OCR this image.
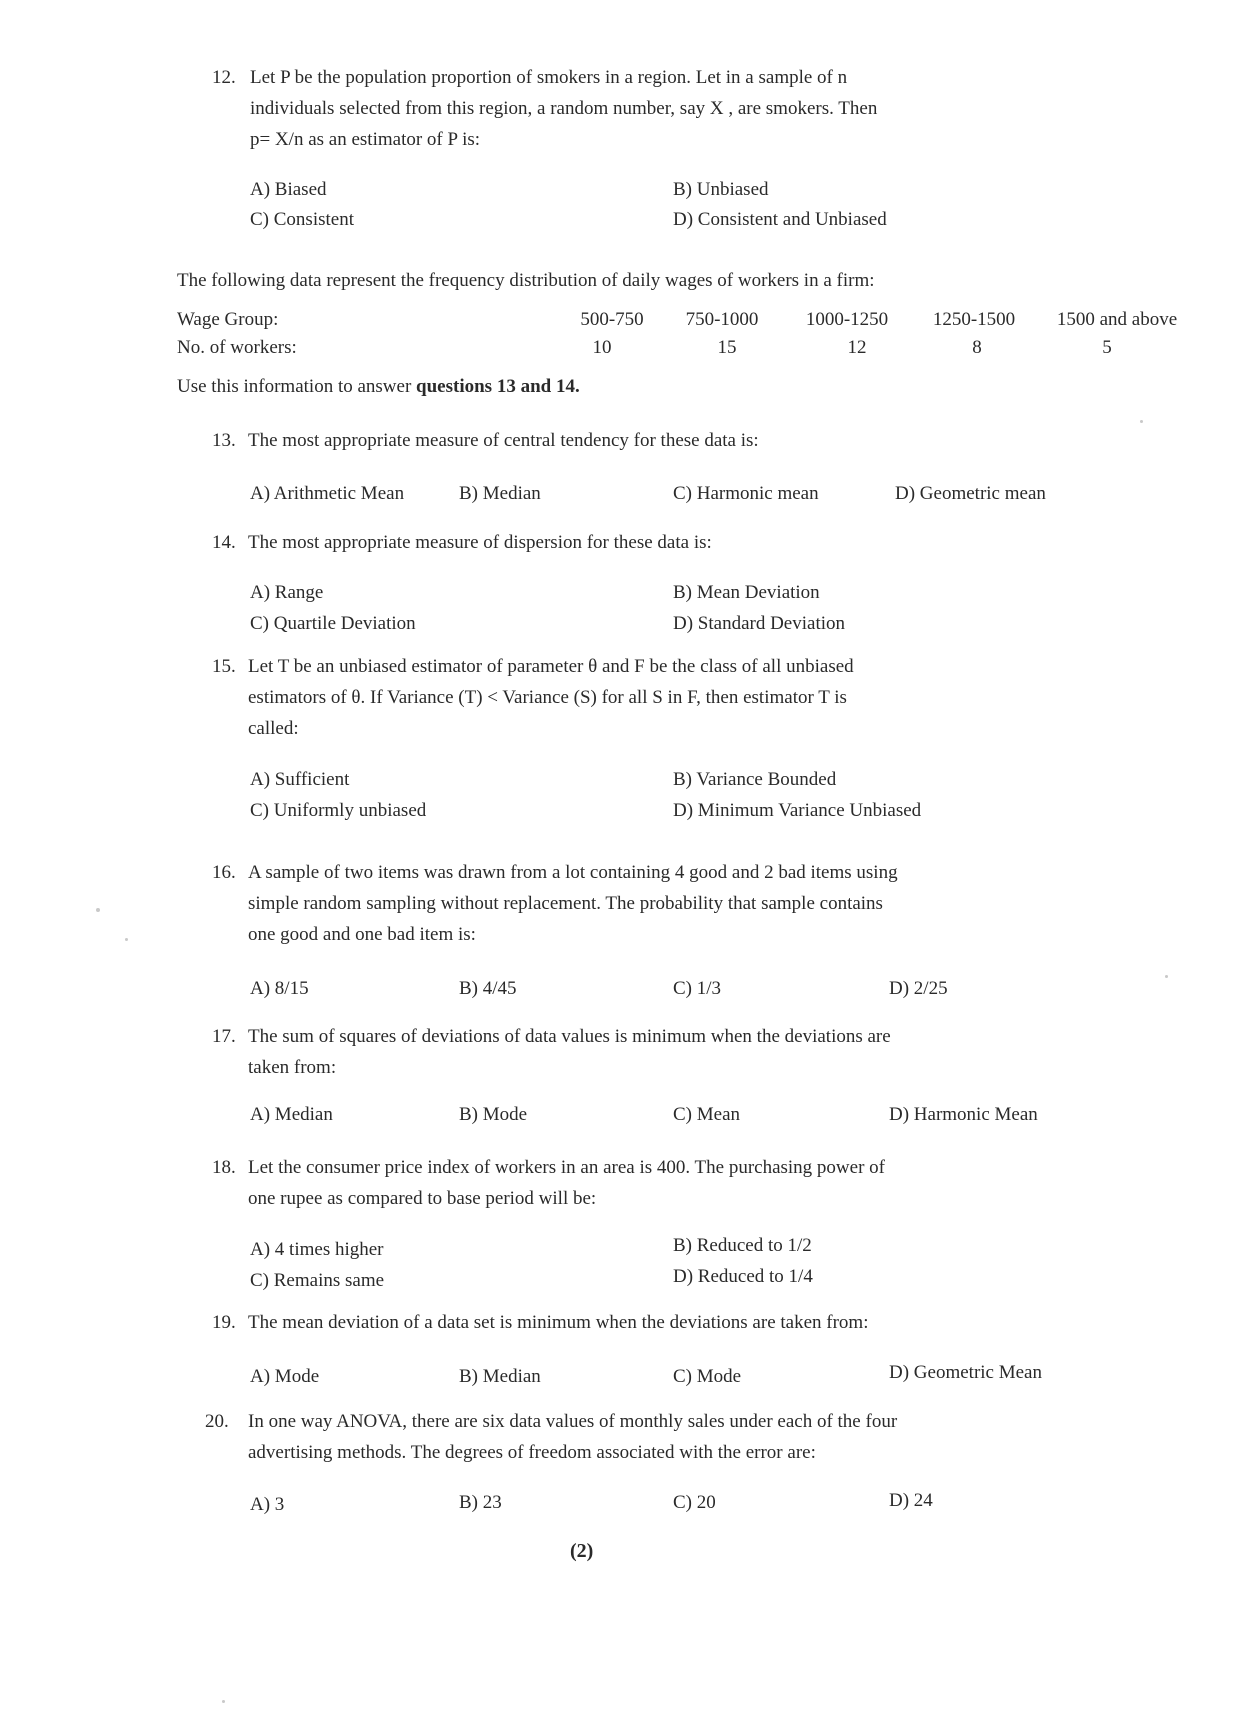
12. Let P be the population proportion of smokers in a region. Let in a sample of n
individuals selected from this region, a random number, say X , are smokers. Then
p= X/n as an estimator of P is:
A) Biased	B) Unbiased
C) Consistent	D) Consistent and Unbiased
The following data represent the frequency distribution of daily wages of workers in a firm:
Wage Group:	500-750	750-1000	1000-1250	1250-1500	1500 and above
No. of workers:	10	15	12	8	5
Use this information to answer questions 13 and 14.
13. The most appropriate measure of central tendency for these data is:
A) Arithmetic Mean	B) Median	C) Harmonic mean	D) Geometric mean
14. The most appropriate measure of dispersion for these data is:
A) Range	B) Mean Deviation
C) Quartile Deviation	D) Standard Deviation
15. Let T be an unbiased estimator of parameter θ and F be the class of all unbiased
estimators of θ. If Variance (T) < Variance (S) for all S in F, then estimator T is
called:
A) Sufficient	B) Variance Bounded
C) Uniformly unbiased	D) Minimum Variance Unbiased
16. A sample of two items was drawn from a lot containing 4 good and 2 bad items using
simple random sampling without replacement. The probability that sample contains
one good and one bad item is:
A) 8/15	B) 4/45	C) 1/3	D) 2/25
17. The sum of squares of deviations of data values is minimum when the deviations are
taken from:
A) Median	B) Mode	C) Mean	D) Harmonic Mean
18. Let the consumer price index of workers in an area is 400. The purchasing power of
one rupee as compared to base period will be:
A) 4 times higher	B) Reduced to 1/2
C) Remains same	D) Reduced to 1/4
19. The mean deviation of a data set is minimum when the deviations are taken from:
A) Mode	B) Median	C) Mode	D) Geometric Mean
20. In one way ANOVA, there are six data values of monthly sales under each of the four
advertising methods. The degrees of freedom associated with the error are:
A) 3	B) 23	C) 20	D) 24
(2)
